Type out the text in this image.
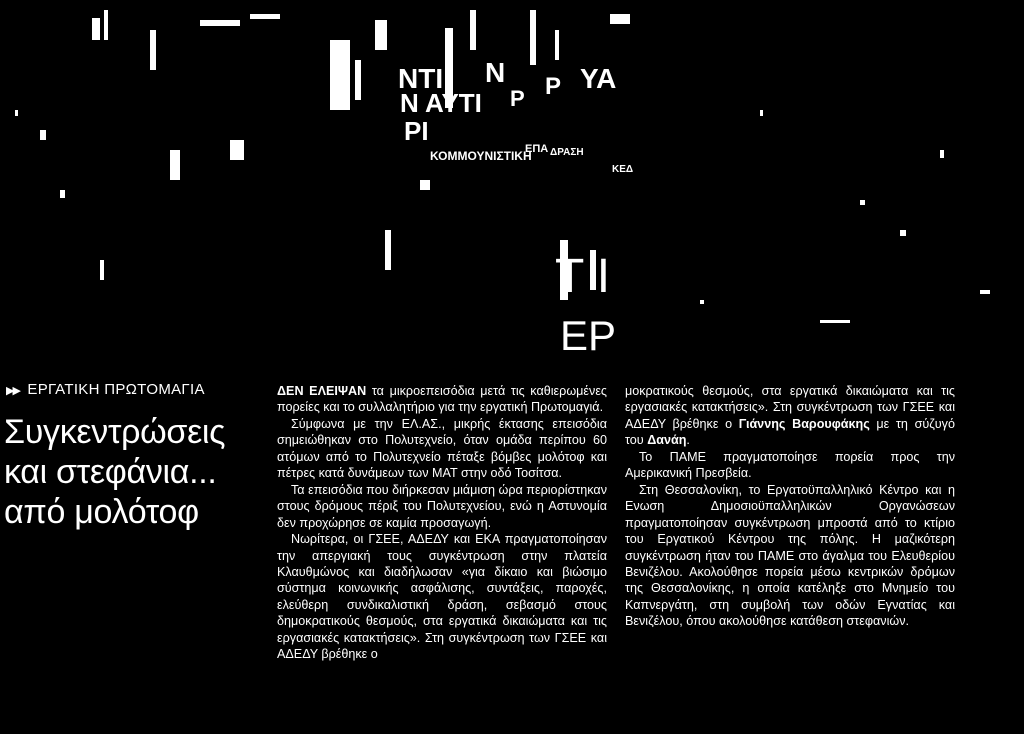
ΝΤΙ Ν Ρ ΥΑ
Ν ΑΥΤΙ Ρ
ΡΙ
ΚΟΜΜΟΥΝΙΣΤΙΚΗ
ΕΠΑ ΔΡΑΣΗ
ΚΕΔ
Τ Ι
ΕΡ
▶▶ ΕΡΓΑΤΙΚΗ ΠΡΩΤΟΜΑΓΙΑ
Συγκεντρώσεις
και στεφάνια...
από μολότοφ

ΔΕΝ ΕΛΕΙΨΑΝ τα μικροεπεισόδια μετά τις καθιερωμένες πορείες και το συλλαλητήριο για την εργατική Πρωτομαγιά.

Σύμφωνα με την ΕΛ.ΑΣ., μικρής έκτασης επεισόδια σημειώθηκαν στο Πολυτεχνείο, όταν ομάδα περίπου 60 ατόμων από το Πολυτεχνείο πέταξε βόμβες μολότοφ και πέτρες κατά δυνάμεων των ΜΑΤ στην οδό Τοσίτσα.

Τα επεισόδια που διήρκεσαν μιάμιση ώρα περιορίστηκαν στους δρόμους πέριξ του Πολυτεχνείου, ενώ η Αστυνομία δεν προχώρησε σε καμία προσαγωγή.

Νωρίτερα, οι ΓΣΕΕ, ΑΔΕΔΥ και ΕΚΑ πραγματοποίησαν την απεργιακή τους συγκέντρωση στην πλατεία Κλαυθμώνος και διαδήλωσαν «για δίκαιο και βιώσιμο σύστημα κοινωνικής ασφάλισης, συντάξεις, παροχές, ελεύθερη συνδικαλιστική δράση, σεβασμό στους δημοκρατικούς θεσμούς, στα εργατικά δικαιώματα και τις εργασιακές κατακτήσεις». Στη συγκέντρωση των ΓΣΕΕ και ΑΔΕΔΥ βρέθηκε ο

μοκρατικούς θεσμούς, στα εργατικά δικαιώματα και τις εργασιακές κατακτήσεις». Στη συγκέντρωση των ΓΣΕΕ και ΑΔΕΔΥ βρέθηκε ο Γιάννης Βαρουφάκης με τη σύζυγό του Δανάη.

Το ΠΑΜΕ πραγματοποίησε πορεία προς την Αμερικανική Πρεσβεία.

Στη Θεσσαλονίκη, το Εργατοϋπαλληλικό Κέντρο και η Ενωση Δημοσιοϋπαλληλικών Οργανώσεων πραγματοποίησαν συγκέντρωση μπροστά από το κτίριο του Εργατικού Κέντρου της πόλης. Η μαζικότερη συγκέντρωση ήταν του ΠΑΜΕ στο άγαλμα του Ελευθερίου Βενιζέλου. Ακολούθησε πορεία μέσω κεντρικών δρόμων της Θεσσαλονίκης, η οποία κατέληξε στο Μνημείο του Καπνεργάτη, στη συμβολή των οδών Εγνατίας και Βενιζέλου, όπου ακολούθησε κατάθεση στεφανιών.
